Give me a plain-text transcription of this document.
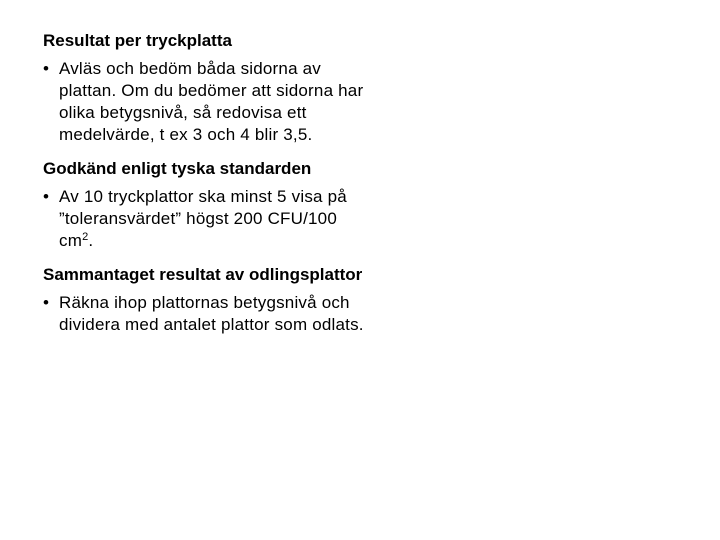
Resultat per tryckplatta
• Avläs och bedöm båda sidorna av plattan. Om du bedömer att sidorna har olika betygsnivå, så redovisa ett medelvärde, t ex 3 och 4 blir 3,5.
Godkänd enligt tyska standarden
• Av 10 tryckplattor ska minst 5 visa på ”toleransvärdet” högst 200 CFU/100 $cm^2$.
Sammantaget resultat av odlingsplattor
• Räkna ihop plattornas betygsnivå och dividera med antalet plattor som odlats.
